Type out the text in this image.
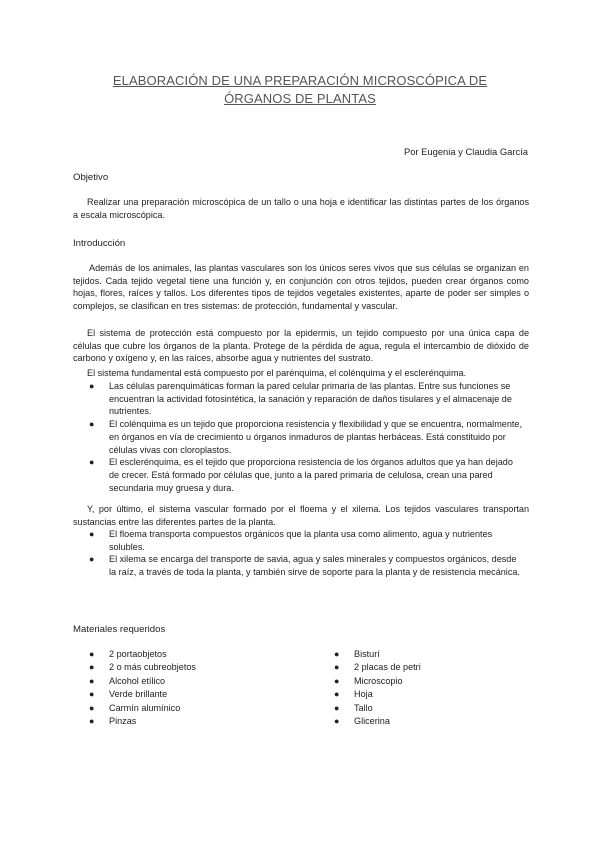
ELABORACIÓN DE UNA PREPARACIÓN MICROSCÓPICA DE
ÓRGANOS DE PLANTAS
Por Eugenia y Claudia García
Objetivo
Realizar una preparación microscópica de un tallo o una hoja e identificar las distintas partes de los órganos a escala microscópica.
Introducción
Además de los animales, las plantas vasculares son los únicos seres vivos que sus células se organizan en tejidos. Cada tejido vegetal tiene una función y, en conjunción con otros tejidos, pueden crear órganos como hojas, flores, raíces y tallos. Los diferentes tipos de tejidos vegetales existentes, aparte de poder ser simples o complejos, se clasifican en tres sistemas: de protección, fundamental y vascular.
El sistema de protección está compuesto por la epidermis, un tejido compuesto por una única capa de células que cubre los órganos de la planta. Protege de la pérdida de agua, regula el intercambio de dióxido de carbono y oxígeno y, en las raíces, absorbe agua y nutrientes del sustrato.
El sistema fundamental está compuesto por el parénquima, el colénquima y el esclerénquima.
● Las células parenquimáticas forman la pared celular primaria de las plantas. Entre sus funciones se encuentran la actividad fotosintética, la sanación y reparación de daños tisulares y el almacenaje de nutrientes.
● El colénquima es un tejido que proporciona resistencia y flexibilidad y que se encuentra, normalmente, en órganos en vía de crecimiento u órganos inmaduros de plantas herbáceas. Está constituido por células vivas con cloroplastos.
● El esclerénquima, es el tejido que proporciona resistencia de los órganos adultos que ya han dejado de crecer. Está formado por células que, junto a la pared primaria de celulosa, crean una pared secundaria muy gruesa y dura.
Y, por último, el sistema vascular formado por el floema y el xilema. Los tejidos vasculares transportan sustancias entre las diferentes partes de la planta.
● El floema transporta compuestos orgánicos que la planta usa como alimento, agua y nutrientes solubles.
● El xilema se encarga del transporte de savia, agua y sales minerales y compuestos orgánicos, desde la raíz, a través de toda la planta, y también sirve de soporte para la planta y de resistencia mecánica.
Materiales requeridos
● 2 portaobjetos
● 2 o más cubreobjetos
● Alcohol etílico
● Verde brillante
● Carmín alumínico
● Pinzas
● Bisturí
● 2 placas de petri
● Microscopio
● Hoja
● Tallo
● Glicerina
